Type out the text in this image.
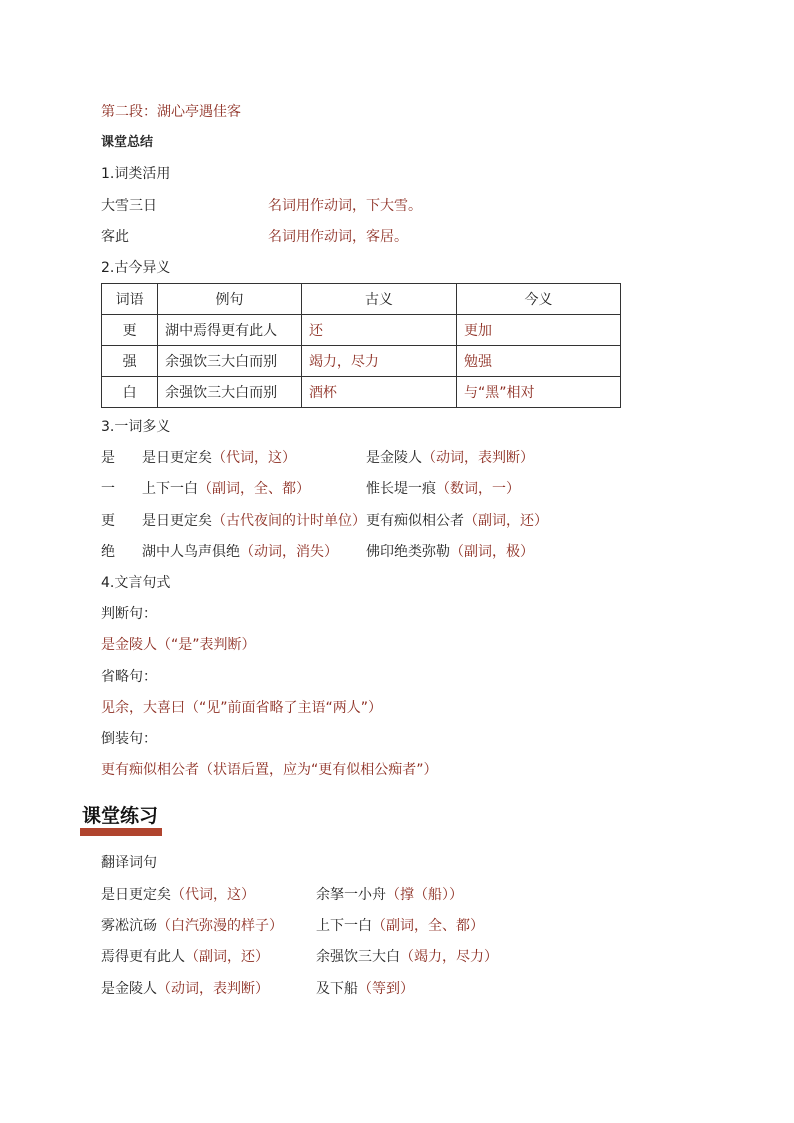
第二段：湖心亭遇佳客
课堂总结
1.词类活用
大雪三日	名词用作动词，下大雪。
客此	名词用作动词，客居。
2.古今异义
词语	例句	古义	今义
更	湖中焉得更有此人	还	更加
强	余强饮三大白而别	竭力，尽力	勉强
白	余强饮三大白而别	酒杯	与“黑”相对
3.一词多义
是 是日更定矣（代词，这）	是金陵人（动词，表判断）
一 上下一白（副词，全、都）	惟长堤一痕（数词，一）
更 是日更定矣（古代夜间的计时单位） 更有痴似相公者（副词，还）
绝 湖中人鸟声俱绝（动词，消失） 佛印绝类弥勒（副词，极）
4.文言句式
判断句：
是金陵人（“是”表判断）
省略句：
见余，大喜曰（“见”前面省略了主语“两人”）
倒装句：
更有痴似相公者（状语后置，应为“更有似相公痴者”）
课堂练习
翻译词句
是日更定矣（代词，这）	余拏一小舟（撑（船））
雾凇沆砀（白汽弥漫的样子） 上下一白（副词，全、都）
焉得更有此人（副词，还）	余强饮三大白（竭力，尽力）
是金陵人（动词，表判断）	及下船（等到）
